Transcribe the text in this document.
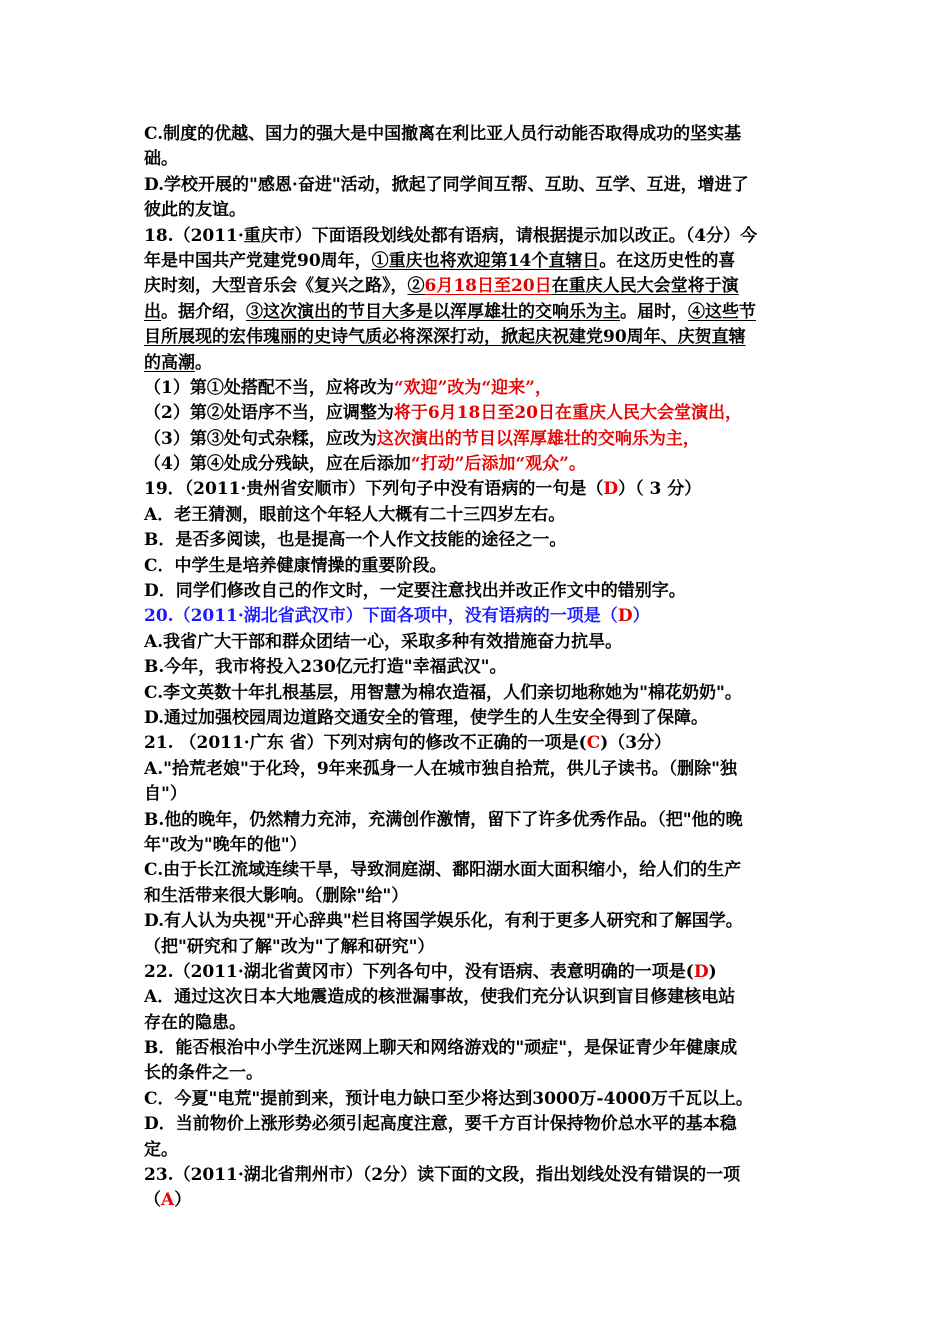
C.制度的优越、国力的强大是中国撤离在利比亚人员行动能否取得成功的坚实基
础。
D.学校开展的"感恩·奋进"活动，掀起了同学间互帮、互助、互学、互进，增进了
彼此的友谊。
18.（2011·重庆市）下面语段划线处都有语病，请根据提示加以改正。（4分）今
年是中国共产党建党90周年，①重庆也将欢迎第14个直辖日。在这历史性的喜
庆时刻，大型音乐会《复兴之路》，②6月18日至20日在重庆人民大会堂将于演
出。据介绍，③这次演出的节目大多是以浑厚雄壮的交响乐为主。届时，④这些节
目所展现的宏伟瑰丽的史诗气质必将深深打动，掀起庆祝建党90周年、庆贺直辖
的高潮。
（1）第①处搭配不当，应将改为“欢迎”改为“迎来”，
（2）第②处语序不当，应调整为将于6月18日至20日在重庆人民大会堂演出，
（3）第③处句式杂糅，应改为这次演出的节目以浑厚雄壮的交响乐为主，
（4）第④处成分残缺，应在后添加“打动”后添加“观众”。
19．（2011·贵州省安顺市）下列句子中没有语病的一句是（D）（ 3 分）
A．老王猜测，眼前这个年轻人大概有二十三四岁左右。
B．是否多阅读，也是提高一个人作文技能的途径之一。
C．中学生是培养健康情操的重要阶段。
D．同学们修改自己的作文时，一定要注意找出并改正作文中的错别字。
20.（2011·湖北省武汉市）下面各项中，没有语病的一项是（D）
A.我省广大干部和群众团结一心，采取多种有效措施奋力抗旱。
B.今年，我市将投入230亿元打造"幸福武汉"。
C.李文英数十年扎根基层，用智慧为棉农造福，人们亲切地称她为"棉花奶奶"。
D.通过加强校园周边道路交通安全的管理，使学生的人生安全得到了保障。
21. （2011·广东 省）下列对病句的修改不正确的一项是(C)（3分）
A."拾荒老娘"于化玲，9年来孤身一人在城市独自拾荒，供儿子读书。（删除"独
自"）
B.他的晚年，仍然精力充沛，充满创作激情，留下了许多优秀作品。（把"他的晚
年"改为"晚年的他"）
C.由于长江流域连续干旱，导致洞庭湖、鄱阳湖水面大面积缩小，给人们的生产
和生活带来很大影响。（删除"给"）
D.有人认为央视"开心辞典"栏目将国学娱乐化，有利于更多人研究和了解国学。
（把"研究和了解"改为"了解和研究"）
22.（2011·湖北省黄冈市）下列各句中，没有语病、表意明确的一项是(D)
A．通过这次日本大地震造成的核泄漏事故，使我们充分认识到盲目修建核电站
存在的隐患。
B．能否根治中小学生沉迷网上聊天和网络游戏的"顽症"，是保证青少年健康成
长的条件之一。
C．今夏"电荒"提前到来，预计电力缺口至少将达到3000万-4000万千瓦以上。
D．当前物价上涨形势必须引起高度注意，要千方百计保持物价总水平的基本稳
定。
23.（2011·湖北省荆州市）（2分）读下面的文段，指出划线处没有错误的一项
（A）
